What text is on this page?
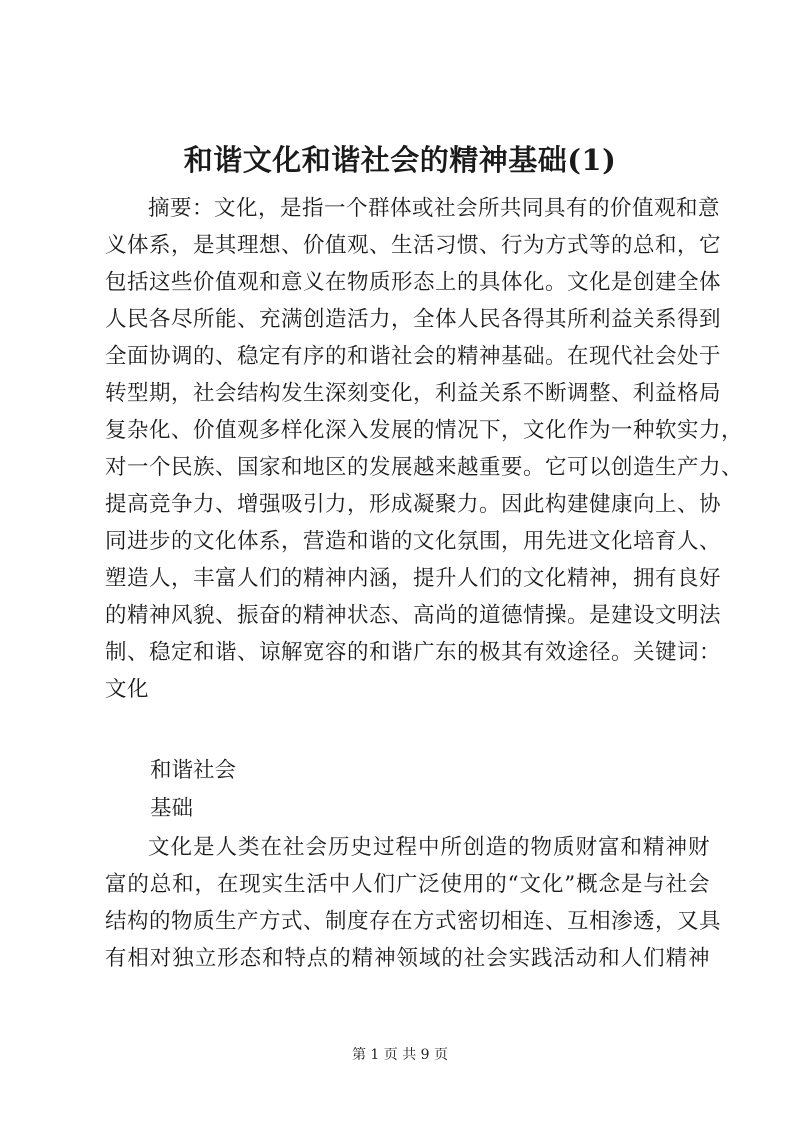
和谐文化和谐社会的精神基础(1)
摘要：文化，是指一个群体或社会所共同具有的价值观和意
义体系，是其理想、价值观、生活习惯、行为方式等的总和，它
包括这些价值观和意义在物质形态上的具体化。文化是创建全体
人民各尽所能、充满创造活力，全体人民各得其所利益关系得到
全面协调的、稳定有序的和谐社会的精神基础。在现代社会处于
转型期，社会结构发生深刻变化，利益关系不断调整、利益格局
复杂化、价值观多样化深入发展的情况下，文化作为一种软实力，
对一个民族、国家和地区的发展越来越重要。它可以创造生产力、
提高竞争力、增强吸引力，形成凝聚力。因此构建健康向上、协
同进步的文化体系，营造和谐的文化氛围，用先进文化培育人、
塑造人，丰富人们的精神内涵，提升人们的文化精神，拥有良好
的精神风貌、振奋的精神状态、高尚的道德情操。是建设文明法
制、稳定和谐、谅解宽容的和谐广东的极其有效途径。关键词：
文化
和谐社会
基础
文化是人类在社会历史过程中所创造的物质财富和精神财
富的总和，在现实生活中人们广泛使用的“文化”概念是与社会
结构的物质生产方式、制度存在方式密切相连、互相渗透，又具
有相对独立形态和特点的精神领域的社会实践活动和人们精神
第 1 页 共 9 页
